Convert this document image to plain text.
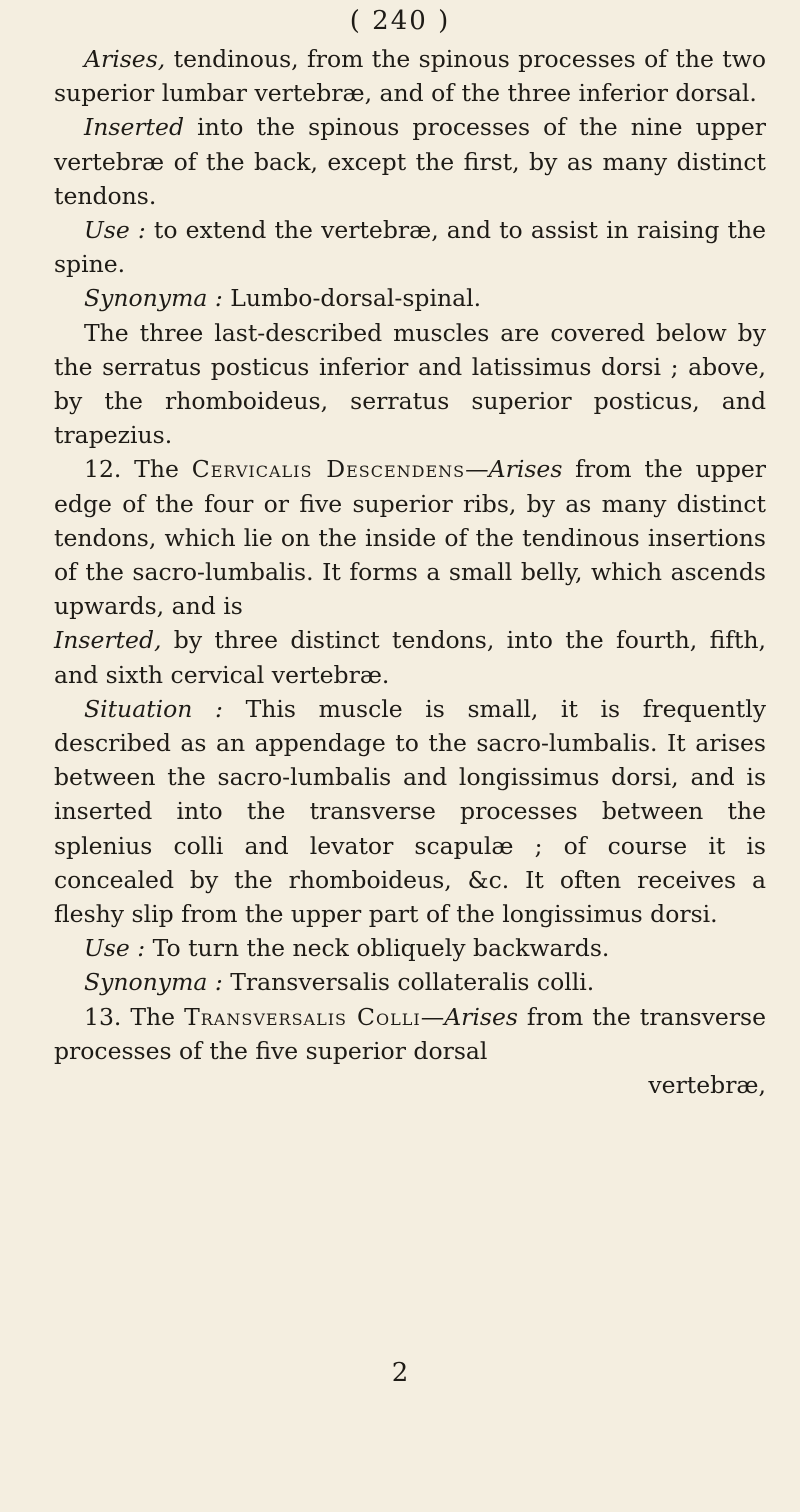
( 240 )

Arises, tendinous, from the spinous processes of the two superior lumbar vertebræ, and of the three inferior dorsal.

Inserted into the spinous processes of the nine upper vertebræ of the back, except the first, by as many distinct tendons.

Use : to extend the vertebræ, and to assist in raising the spine.

Synonyma : Lumbo-dorsal-spinal.

The three last-described muscles are covered below by the serratus posticus inferior and latissimus dorsi ; above, by the rhomboideus, serratus superior posticus, and trapezius.

12. The Cervicalis Descendens—Arises from the upper edge of the four or five superior ribs, by as many distinct tendons, which lie on the inside of the tendinous insertions of the sacro-lumbalis. It forms a small belly, which ascends upwards, and is

Inserted, by three distinct tendons, into the fourth, fifth, and sixth cervical vertebræ.

Situation : This muscle is small, it is frequently described as an appendage to the sacro-lumbalis. It arises between the sacro-lumbalis and longissimus dorsi, and is inserted into the transverse processes between the splenius colli and levator scapulæ ; of course it is concealed by the rhomboideus, &c. It often receives a fleshy slip from the upper part of the longissimus dorsi.

Use : To turn the neck obliquely backwards.

Synonyma : Transversalis collateralis colli.

13. The Transversalis Colli—Arises from the transverse processes of the five superior dorsal

vertebræ,

2
